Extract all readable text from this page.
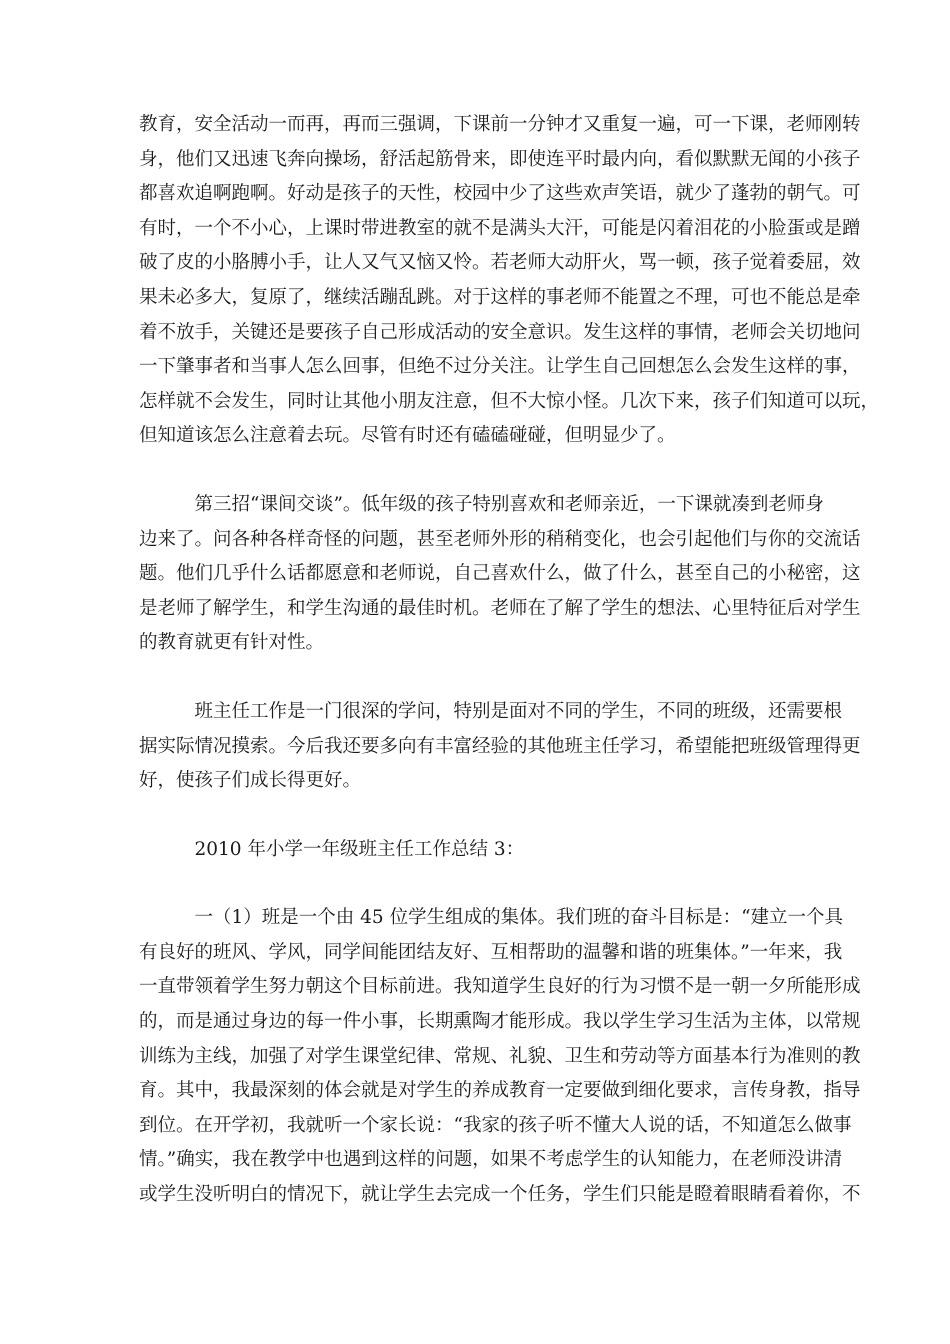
教育，安全活动一而再，再而三强调，下课前一分钟才又重复一遍，可一下课，老师刚转
身，他们又迅速飞奔向操场，舒活起筋骨来，即使连平时最内向，看似默默无闻的小孩子
都喜欢追啊跑啊。好动是孩子的天性，校园中少了这些欢声笑语，就少了蓬勃的朝气。可
有时，一个不小心，上课时带进教室的就不是满头大汗，可能是闪着泪花的小脸蛋或是蹭
破了皮的小胳膊小手，让人又气又恼又怜。若老师大动肝火，骂一顿，孩子觉着委屈，效
果未必多大，复原了，继续活蹦乱跳。对于这样的事老师不能置之不理，可也不能总是牵
着不放手，关键还是要孩子自己形成活动的安全意识。发生这样的事情，老师会关切地问
一下肇事者和当事人怎么回事，但绝不过分关注。让学生自己回想怎么会发生这样的事，
怎样就不会发生，同时让其他小朋友注意，但不大惊小怪。几次下来，孩子们知道可以玩，
但知道该怎么注意着去玩。尽管有时还有磕磕碰碰，但明显少了。
　　　第三招“课间交谈”。低年级的孩子特别喜欢和老师亲近，一下课就凑到老师身
边来了。问各种各样奇怪的问题，甚至老师外形的稍稍变化，也会引起他们与你的交流话
题。他们几乎什么话都愿意和老师说，自己喜欢什么，做了什么，甚至自己的小秘密，这
是老师了解学生，和学生沟通的最佳时机。老师在了解了学生的想法、心里特征后对学生
的教育就更有针对性。
　　　班主任工作是一门很深的学问，特别是面对不同的学生，不同的班级，还需要根
据实际情况摸索。今后我还要多向有丰富经验的其他班主任学习，希望能把班级管理得更
好，使孩子们成长得更好。
　　　2010 年小学一年级班主任工作总结 3：
　　　一（1）班是一个由 45 位学生组成的集体。我们班的奋斗目标是：“建立一个具
有良好的班风、学风，同学间能团结友好、互相帮助的温馨和谐的班集体。”一年来，我
一直带领着学生努力朝这个目标前进。我知道学生良好的行为习惯不是一朝一夕所能形成
的，而是通过身边的每一件小事，长期熏陶才能形成。我以学生学习生活为主体，以常规
训练为主线，加强了对学生课堂纪律、常规、礼貌、卫生和劳动等方面基本行为准则的教
育。其中，我最深刻的体会就是对学生的养成教育一定要做到细化要求，言传身教，指导
到位。在开学初，我就听一个家长说：“我家的孩子听不懂大人说的话，不知道怎么做事
情。”确实，我在教学中也遇到这样的问题，如果不考虑学生的认知能力，在老师没讲清
或学生没听明白的情况下，就让学生去完成一个任务，学生们只能是瞪着眼睛看着你，不
